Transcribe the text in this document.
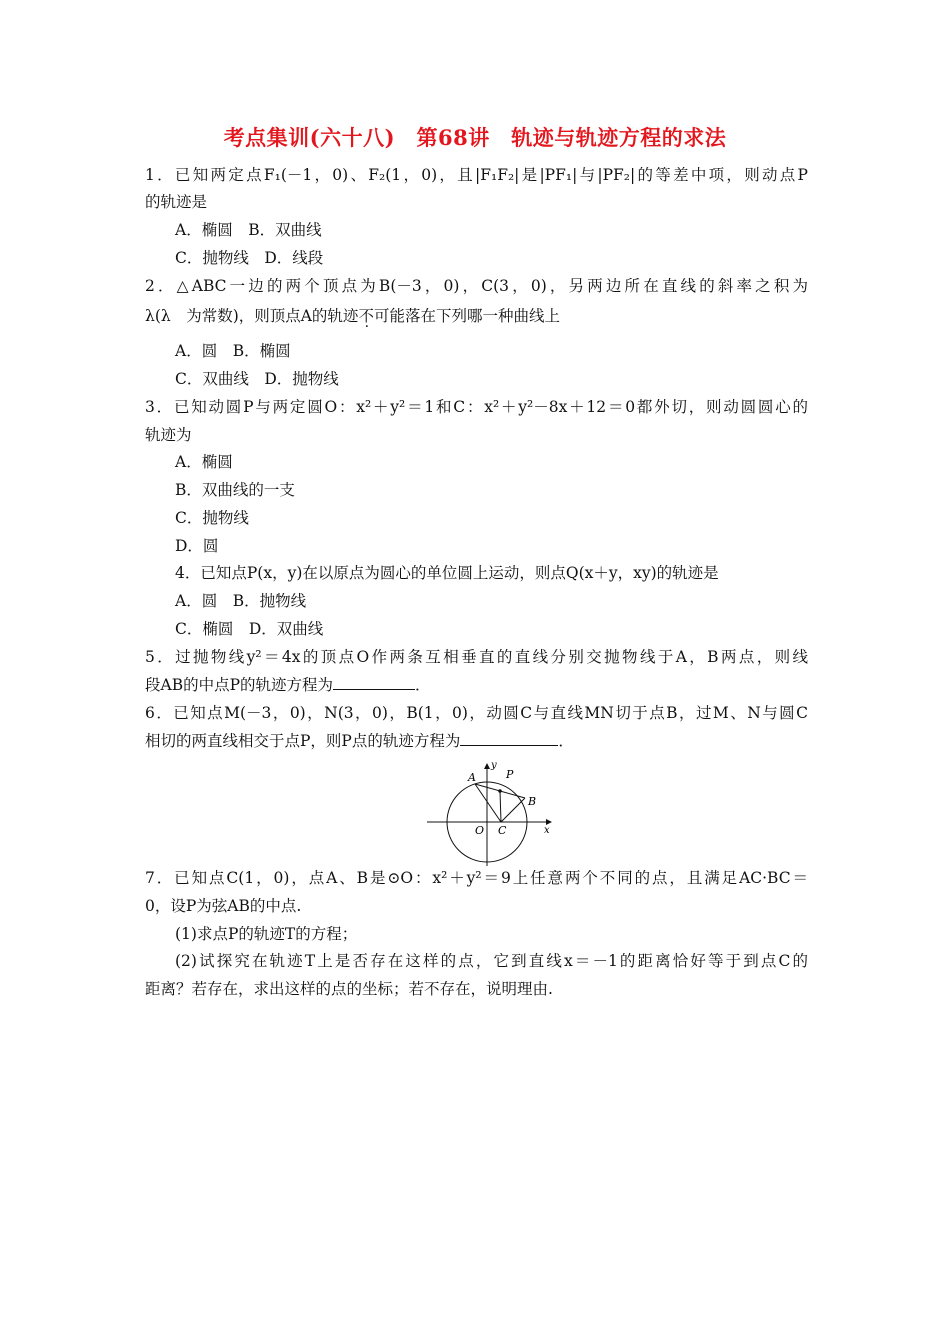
考点集训(六十八)　第68讲　轨迹与轨迹方程的求法
1．已知两定点F₁(－1，0)、F₂(1，0)，且|F₁F₂|是|PF₁|与|PF₂|的等差中项，则动点P
的轨迹是
A．椭圆　B．双曲线
C．抛物线　D．线段
2．△ABC一边的两个顶点为B(－3，0)，C(3，0)，另两边所在直线的斜率之积为
λ(λ　为常数)，则顶点A的轨迹不可能落在下列哪一种曲线上
A．圆　B．椭圆
C．双曲线　D．抛物线
3．已知动圆P与两定圆O：x²＋y²＝1和C：x²＋y²－8x＋12＝0都外切，则动圆圆心的
轨迹为
A．椭圆
B．双曲线的一支
C．抛物线
D．圆
4．已知点P(x，y)在以原点为圆心的单位圆上运动，则点Q(x＋y，xy)的轨迹是
A．圆　B．抛物线
C．椭圆　D．双曲线
5．过抛物线y²＝4x的顶点O作两条互相垂直的直线分别交抛物线于A，B两点，则线
段AB的中点P的轨迹方程为	．
6．已知点M(－3，0)，N(3，0)，B(1，0)，动圆C与直线MN切于点B，过M、N与圆C
相切的两直线相交于点P，则P点的轨迹方程为	．
y
x
A	P
B
O C
7．已知点C(1，0)，点A、B是⊙O：x²＋y²＝9上任意两个不同的点，且满足AC·BC＝
0，设P为弦AB的中点.
(1)求点P的轨迹T的方程；
(2)试探究在轨迹T上是否存在这样的点，它到直线x＝－1的距离恰好等于到点C的
距离？若存在，求出这样的点的坐标；若不存在，说明理由.
